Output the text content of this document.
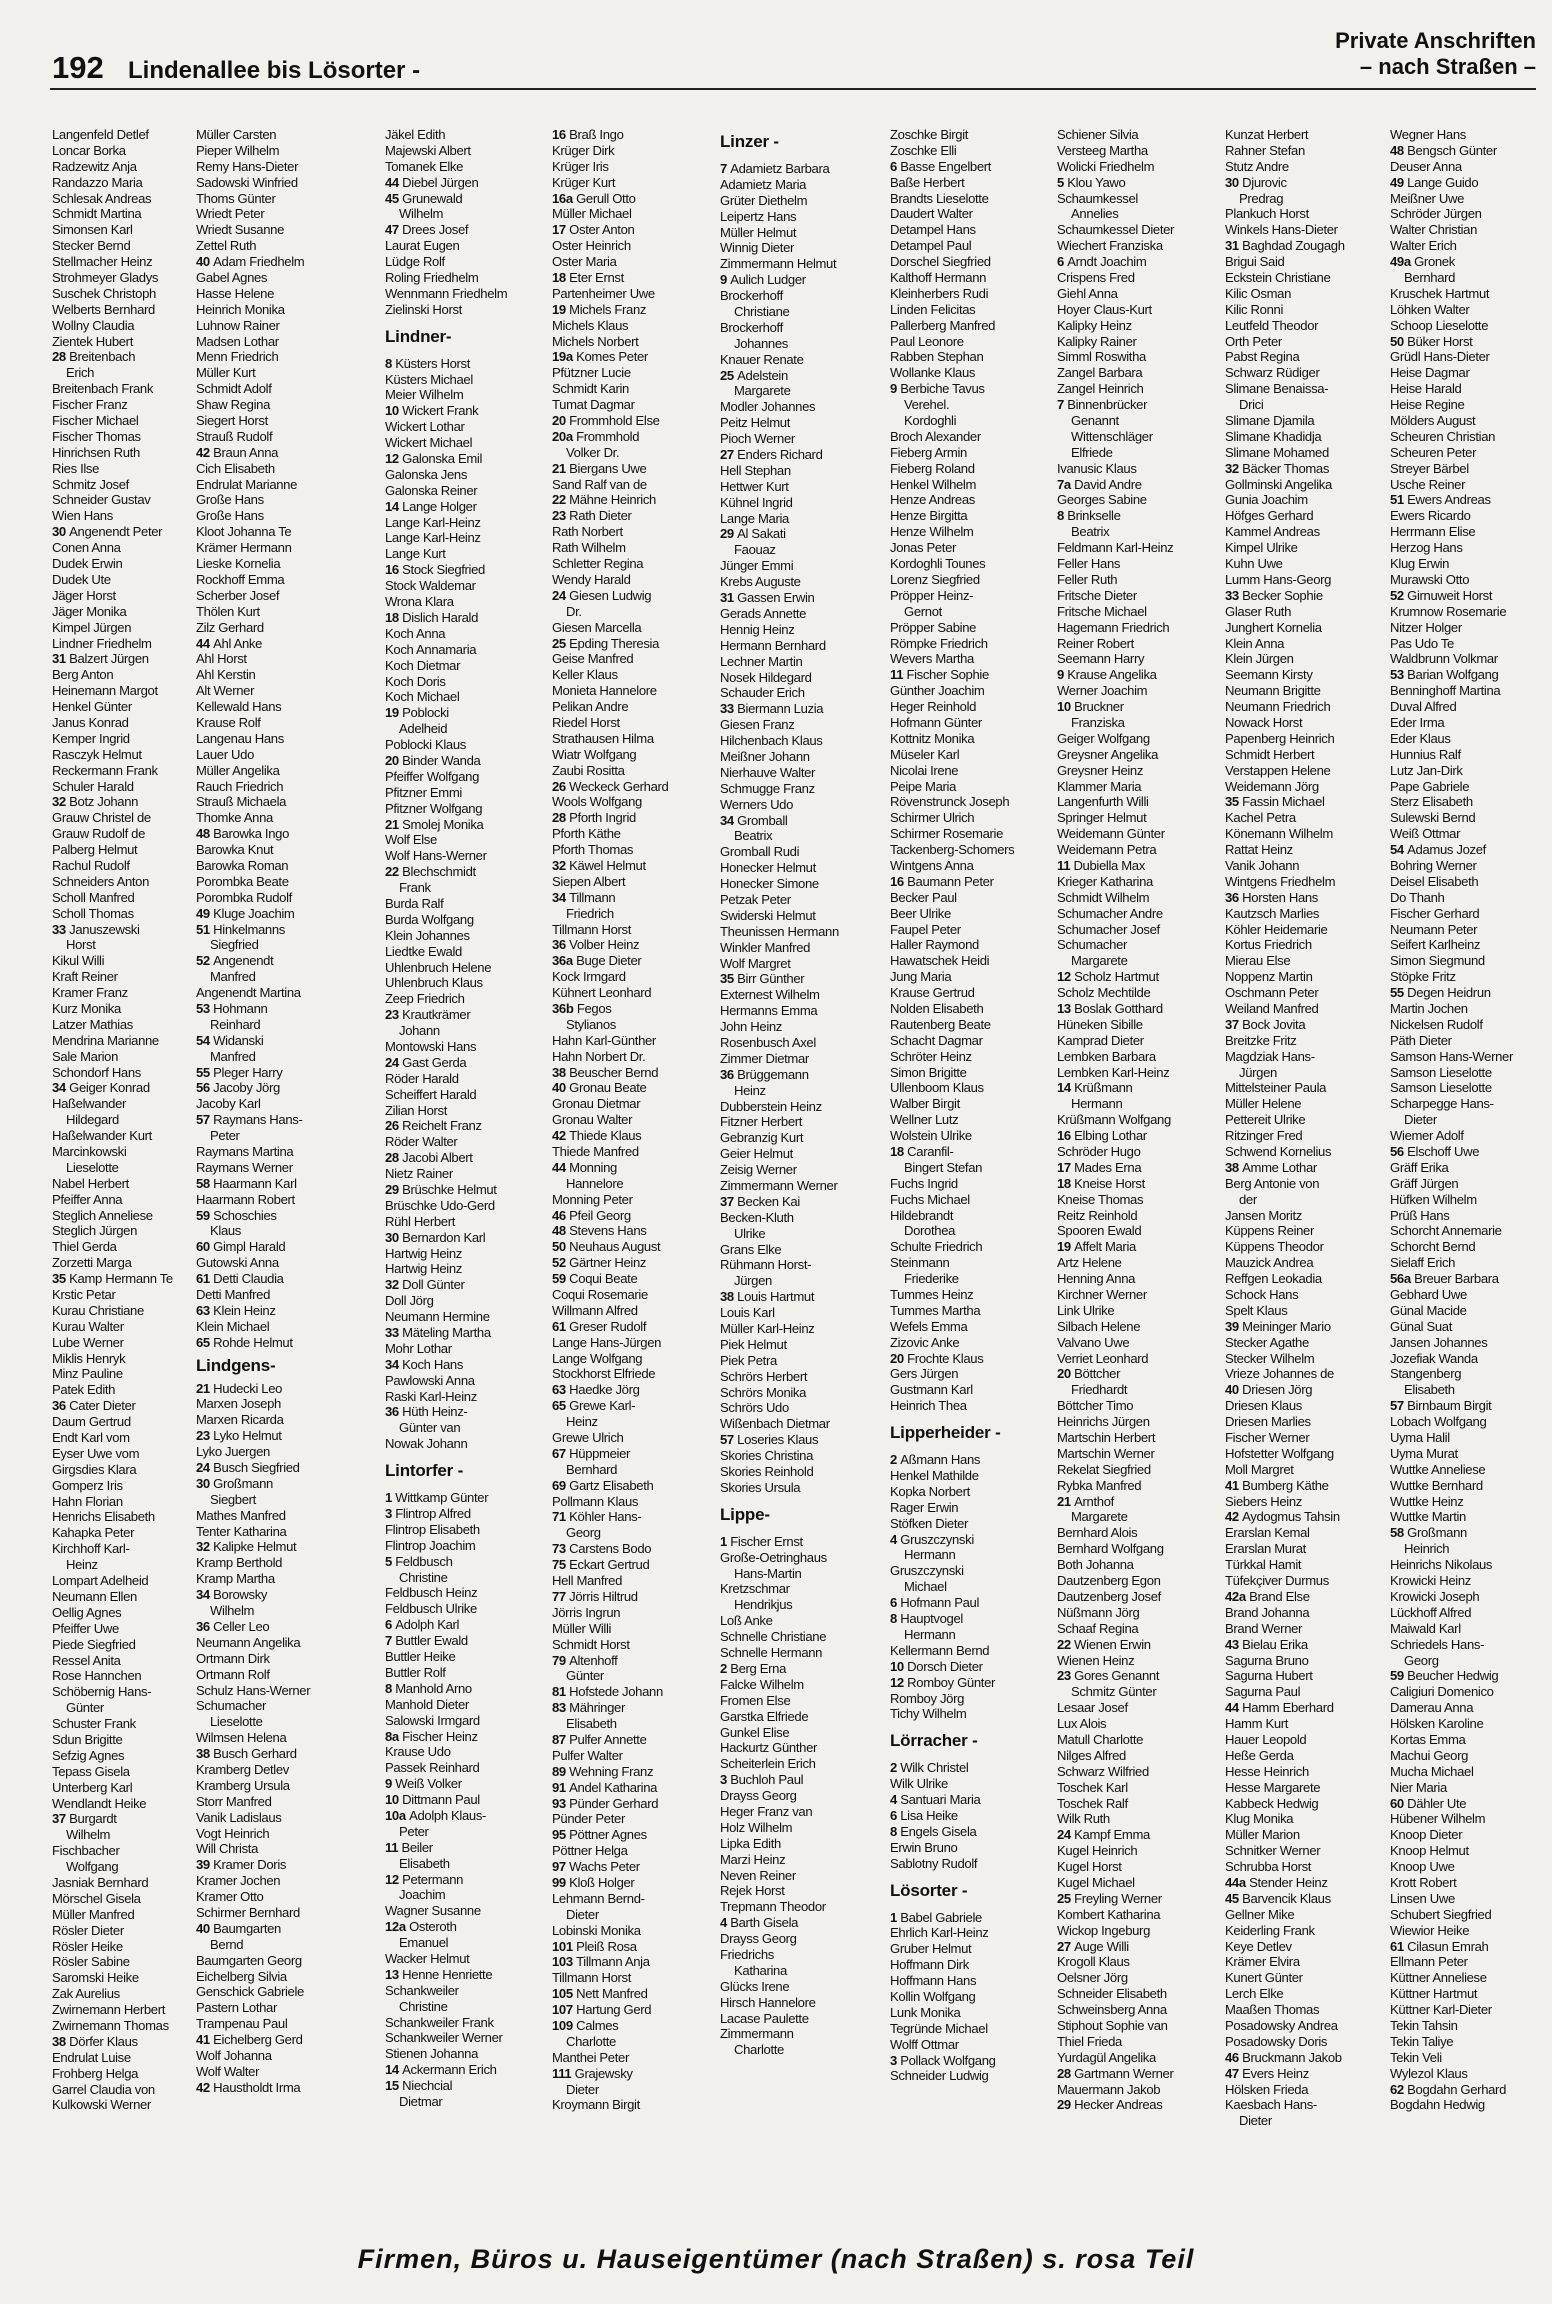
192 Lindenallee bis Lösorter -
Private Anschriften
– nach Straßen –
Langenfeld Detlef
Loncar Borka
Radzewitz Anja
Randazzo Maria
Schlesak Andreas
Schmidt Martina
Simonsen Karl
Stecker Bernd
Stellmacher Heinz
Strohmeyer Gladys
Suschek Christoph
Welberts Bernhard
Wollny Claudia
Zientek Hubert
28 Breitenbach
Erich
Breitenbach Frank
Fischer Franz
Fischer Michael
Fischer Thomas
Hinrichsen Ruth
Ries Ilse
Schmitz Josef
Schneider Gustav
Wien Hans
30 Angenendt Peter
Conen Anna
Dudek Erwin
Dudek Ute
Jäger Horst
Jäger Monika
Kimpel Jürgen
Lindner Friedhelm
31 Balzert Jürgen
Berg Anton
Heinemann Margot
Henkel Günter
Janus Konrad
Kemper Ingrid
Rasczyk Helmut
Reckermann Frank
Schuler Harald
32 Botz Johann
Grauw Christel de
Grauw Rudolf de
Palberg Helmut
Rachul Rudolf
Schneiders Anton
Scholl Manfred
Scholl Thomas
33 Januszewski
Horst
Kikul Willi
Kraft Reiner
Kramer Franz
Kurz Monika
Latzer Mathias
Mendrina Marianne
Sale Marion
Schondorf Hans
34 Geiger Konrad
Haßelwander
Hildegard
Haßelwander Kurt
Marcinkowski
Lieselotte
Nabel Herbert
Pfeiffer Anna
Steglich Anneliese
Steglich Jürgen
Thiel Gerda
Zorzetti Marga
35 Kamp Hermann Te
Krstic Petar
Kurau Christiane
Kurau Walter
Lube Werner
Miklis Henryk
Minz Pauline
Patek Edith
36 Cater Dieter
Daum Gertrud
Endt Karl vom
Eyser Uwe vom
Girgsdies Klara
Gomperz Iris
Hahn Florian
Henrichs Elisabeth
Kahapka Peter
Kirchhoff Karl-
Heinz
Lompart Adelheid
Neumann Ellen
Oellig Agnes
Pfeiffer Uwe
Piede Siegfried
Ressel Anita
Rose Hannchen
Schöbernig Hans-
Günter
Schuster Frank
Sdun Brigitte
Sefzig Agnes
Tepass Gisela
Unterberg Karl
Wendlandt Heike
37 Burgardt
Wilhelm
Fischbacher
Wolfgang
Jasniak Bernhard
Mörschel Gisela
Müller Manfred
Rösler Dieter
Rösler Heike
Rösler Sabine
Saromski Heike
Zak Aurelius
Zwirnemann Herbert
Zwirnemann Thomas
38 Dörfer Klaus
Endrulat Luise
Frohberg Helga
Garrel Claudia von
Kulkowski Werner
Müller Carsten
Pieper Wilhelm
Remy Hans-Dieter
Sadowski Winfried
Thoms Günter
Wriedt Peter
Wriedt Susanne
Zettel Ruth
40 Adam Friedhelm
Gabel Agnes
Hasse Helene
Heinrich Monika
Luhnow Rainer
Madsen Lothar
Menn Friedrich
Müller Kurt
Schmidt Adolf
Shaw Regina
Siegert Horst
Strauß Rudolf
42 Braun Anna
Cich Elisabeth
Endrulat Marianne
Große Hans
Große Hans
Kloot Johanna Te
Krämer Hermann
Lieske Kornelia
Rockhoff Emma
Scherber Josef
Thölen Kurt
Zilz Gerhard
44 Ahl Anke
Ahl Horst
Ahl Kerstin
Alt Werner
Kellewald Hans
Krause Rolf
Langenau Hans
Lauer Udo
Müller Angelika
Rauch Friedrich
Strauß Michaela
Thomke Anna
48 Barowka Ingo
Barowka Knut
Barowka Roman
Porombka Beate
Porombka Rudolf
49 Kluge Joachim
51 Hinkelmanns
Siegfried
52 Angenendt
Manfred
Angenendt Martina
53 Hohmann
Reinhard
54 Widanski
Manfred
55 Pleger Harry
56 Jacoby Jörg
Jacoby Karl
57 Raymans Hans-
Peter
Raymans Martina
Raymans Werner
58 Haarmann Karl
Haarmann Robert
59 Schoschies
Klaus
60 Gimpl Harald
Gutowski Anna
61 Detti Claudia
Detti Manfred
63 Klein Heinz
Klein Michael
65 Rohde Helmut
Lindgens-
21 Hudecki Leo
Marxen Joseph
Marxen Ricarda
23 Lyko Helmut
Lyko Juergen
24 Busch Siegfried
30 Großmann
Siegbert
Mathes Manfred
Tenter Katharina
32 Kalipke Helmut
Kramp Berthold
Kramp Martha
34 Borowsky
Wilhelm
36 Celler Leo
Neumann Angelika
Ortmann Dirk
Ortmann Rolf
Schulz Hans-Werner
Schumacher
Lieselotte
Wilmsen Helena
38 Busch Gerhard
Kramberg Detlev
Kramberg Ursula
Storr Manfred
Vanik Ladislaus
Vogt Heinrich
Will Christa
39 Kramer Doris
Kramer Jochen
Kramer Otto
Schirmer Bernhard
40 Baumgarten
Bernd
Baumgarten Georg
Eichelberg Silvia
Genschick Gabriele
Pastern Lothar
Trampenau Paul
41 Eichelberg Gerd
Wolf Johanna
Wolf Walter
42 Haustholdt Irma
Jäkel Edith
Majewski Albert
Tomanek Elke
44 Diebel Jürgen
45 Grunewald
Wilhelm
47 Drees Josef
Laurat Eugen
Lüdge Rolf
Roling Friedhelm
Wennmann Friedhelm
Zielinski Horst
Lindner-
8 Küsters Horst
Küsters Michael
Meier Wilhelm
10 Wickert Frank
Wickert Lothar
Wickert Michael
12 Galonska Emil
Galonska Jens
Galonska Reiner
14 Lange Holger
Lange Karl-Heinz
Lange Karl-Heinz
Lange Kurt
16 Stock Siegfried
Stock Waldemar
Wrona Klara
18 Dislich Harald
Koch Anna
Koch Annamaria
Koch Dietmar
Koch Doris
Koch Michael
19 Poblocki
Adelheid
Poblocki Klaus
20 Binder Wanda
Pfeiffer Wolfgang
Pfitzner Emmi
Pfitzner Wolfgang
21 Smolej Monika
Wolf Else
Wolf Hans-Werner
22 Blechschmidt
Frank
Burda Ralf
Burda Wolfgang
Klein Johannes
Liedtke Ewald
Uhlenbruch Helene
Uhlenbruch Klaus
Zeep Friedrich
23 Krautkrämer
Johann
Montowski Hans
24 Gast Gerda
Röder Harald
Scheiffert Harald
Zilian Horst
26 Reichelt Franz
Röder Walter
28 Jacobi Albert
Nietz Rainer
29 Brüschke Helmut
Brüschke Udo-Gerd
Rühl Herbert
30 Bernardon Karl
Hartwig Heinz
Hartwig Heinz
32 Doll Günter
Doll Jörg
Neumann Hermine
33 Mäteling Martha
Mohr Lothar
34 Koch Hans
Pawlowski Anna
Raski Karl-Heinz
36 Hüth Heinz-
Günter van
Nowak Johann
Lintorfer -
1 Wittkamp Günter
3 Flintrop Alfred
Flintrop Elisabeth
Flintrop Joachim
5 Feldbusch
Christine
Feldbusch Heinz
Feldbusch Ulrike
6 Adolph Karl
7 Buttler Ewald
Buttler Heike
Buttler Rolf
8 Manhold Arno
Manhold Dieter
Salowski Irmgard
8a Fischer Heinz
Krause Udo
Passek Reinhard
9 Weiß Volker
10 Dittmann Paul
10a Adolph Klaus-
Peter
11 Beiler
Elisabeth
12 Petermann
Joachim
Wagner Susanne
12a Osteroth
Emanuel
Wacker Helmut
13 Henne Henriette
Schankweiler
Christine
Schankweiler Frank
Schankweiler Werner
Stienen Johanna
14 Ackermann Erich
15 Niechcial
Dietmar
16 Braß Ingo
Krüger Dirk
Krüger Iris
Krüger Kurt
16a Gerull Otto
Müller Michael
17 Oster Anton
Oster Heinrich
Oster Maria
18 Eter Ernst
Partenheimer Uwe
19 Michels Franz
Michels Klaus
Michels Norbert
19a Komes Peter
Pfützner Lucie
Schmidt Karin
Tumat Dagmar
20 Frommhold Else
20a Frommhold
Volker Dr.
21 Biergans Uwe
Sand Ralf van de
22 Mähne Heinrich
23 Rath Dieter
Rath Norbert
Rath Wilhelm
Schletter Regina
Wendy Harald
24 Giesen Ludwig
Dr.
Giesen Marcella
25 Epding Theresia
Geise Manfred
Keller Klaus
Monieta Hannelore
Pelikan Andre
Riedel Horst
Strathausen Hilma
Wiatr Wolfgang
Zaubi Rositta
26 Weckeck Gerhard
Wools Wolfgang
28 Pforth Ingrid
Pforth Käthe
Pforth Thomas
32 Käwel Helmut
Siepen Albert
34 Tillmann
Friedrich
Tillmann Horst
36 Volber Heinz
36a Buge Dieter
Kock Irmgard
Kühnert Leonhard
36b Fegos
Stylianos
Hahn Karl-Günther
Hahn Norbert Dr.
38 Beuscher Bernd
40 Gronau Beate
Gronau Dietmar
Gronau Walter
42 Thiede Klaus
Thiede Manfred
44 Monning
Hannelore
Monning Peter
46 Pfeil Georg
48 Stevens Hans
50 Neuhaus August
52 Gärtner Heinz
59 Coqui Beate
Coqui Rosemarie
Willmann Alfred
61 Greser Rudolf
Lange Hans-Jürgen
Lange Wolfgang
Stockhorst Elfriede
63 Haedke Jörg
65 Grewe Karl-
Heinz
Grewe Ulrich
67 Hüppmeier
Bernhard
69 Gartz Elisabeth
Pollmann Klaus
71 Köhler Hans-
Georg
73 Carstens Bodo
75 Eckart Gertrud
Hell Manfred
77 Jörris Hiltrud
Jörris Ingrun
Müller Willi
Schmidt Horst
79 Altenhoff
Günter
81 Hofstede Johann
83 Mähringer
Elisabeth
87 Pulfer Annette
Pulfer Walter
89 Wehning Franz
91 Andel Katharina
93 Pünder Gerhard
Pünder Peter
95 Pöttner Agnes
Pöttner Helga
97 Wachs Peter
99 Kloß Holger
Lehmann Bernd-
Dieter
Lobinski Monika
101 Pleiß Rosa
103 Tillmann Anja
Tillmann Horst
105 Nett Manfred
107 Hartung Gerd
109 Calmes
Charlotte
Manthei Peter
111 Grajewsky
Dieter
Kroymann Birgit
Linzer -
7 Adamietz Barbara
Adamietz Maria
Grüter Diethelm
Leipertz Hans
Müller Helmut
Winnig Dieter
Zimmermann Helmut
9 Aulich Ludger
Brockerhoff
Christiane
Brockerhoff
Johannes
Knauer Renate
25 Adelstein
Margarete
Modler Johannes
Peitz Helmut
Pioch Werner
27 Enders Richard
Hell Stephan
Hettwer Kurt
Kühnel Ingrid
Lange Maria
29 Al Sakati
Faouaz
Jünger Emmi
Krebs Auguste
31 Gassen Erwin
Gerads Annette
Hennig Heinz
Hermann Bernhard
Lechner Martin
Nosek Hildegard
Schauder Erich
33 Biermann Luzia
Giesen Franz
Hilchenbach Klaus
Meißner Johann
Nierhauve Walter
Schmugge Franz
Werners Udo
34 Gromball
Beatrix
Gromball Rudi
Honecker Helmut
Honecker Simone
Petzak Peter
Swiderski Helmut
Theunissen Hermann
Winkler Manfred
Wolf Margret
35 Birr Günther
Externest Wilhelm
Hermanns Emma
John Heinz
Rosenbusch Axel
Zimmer Dietmar
36 Brüggemann
Heinz
Dubberstein Heinz
Fitzner Herbert
Gebranzig Kurt
Geier Helmut
Zeisig Werner
Zimmermann Werner
37 Becken Kai
Becken-Kluth
Ulrike
Grans Elke
Rühmann Horst-
Jürgen
38 Louis Hartmut
Louis Karl
Müller Karl-Heinz
Piek Helmut
Piek Petra
Schrörs Herbert
Schrörs Monika
Schrörs Udo
Wißenbach Dietmar
57 Loseries Klaus
Skories Christina
Skories Reinhold
Skories Ursula
Lippe-
1 Fischer Ernst
Große-Oetringhaus
Hans-Martin
Kretzschmar
Hendrikjus
Loß Anke
Schnelle Christiane
Schnelle Hermann
2 Berg Erna
Falcke Wilhelm
Fromen Else
Garstka Elfriede
Gunkel Elise
Hackurtz Günther
Scheiterlein Erich
3 Buchloh Paul
Drayss Georg
Heger Franz van
Holz Wilhelm
Lipka Edith
Marzi Heinz
Neven Reiner
Rejek Horst
Trepmann Theodor
4 Barth Gisela
Drayss Georg
Friedrichs
Katharina
Glücks Irene
Hirsch Hannelore
Lacase Paulette
Zimmermann
Charlotte
Zoschke Birgit
Zoschke Elli
6 Basse Engelbert
Baße Herbert
Brandts Lieselotte
Daudert Walter
Detampel Hans
Detampel Paul
Dorschel Siegfried
Kalthoff Hermann
Kleinherbers Rudi
Linden Felicitas
Pallerberg Manfred
Paul Leonore
Rabben Stephan
Wollanke Klaus
9 Berbiche Tavus
Verehel.
Kordoghli
Broch Alexander
Fieberg Armin
Fieberg Roland
Henkel Wilhelm
Henze Andreas
Henze Birgitta
Henze Wilhelm
Jonas Peter
Kordoghli Tounes
Lorenz Siegfried
Pröpper Heinz-
Gernot
Pröpper Sabine
Römpke Friedrich
Wevers Martha
11 Fischer Sophie
Günther Joachim
Heger Reinhold
Hofmann Günter
Kottnitz Monika
Müseler Karl
Nicolai Irene
Peipe Maria
Rövenstrunck Joseph
Schirmer Ulrich
Schirmer Rosemarie
Tackenberg-Schomers
Wintgens Anna
16 Baumann Peter
Becker Paul
Beer Ulrike
Faupel Peter
Haller Raymond
Hawatschek Heidi
Jung Maria
Krause Gertrud
Nolden Elisabeth
Rautenberg Beate
Schacht Dagmar
Schröter Heinz
Simon Brigitte
Ullenboom Klaus
Walber Birgit
Wellner Lutz
Wolstein Ulrike
18 Caranfil-
Bingert Stefan
Fuchs Ingrid
Fuchs Michael
Hildebrandt
Dorothea
Schulte Friedrich
Steinmann
Friederike
Tummes Heinz
Tummes Martha
Wefels Emma
Zizovic Anke
20 Frochte Klaus
Gers Jürgen
Gustmann Karl
Heinrich Thea
Lipperheider -
2 Aßmann Hans
Henkel Mathilde
Kopka Norbert
Rager Erwin
Stöfken Dieter
4 Gruszczynski
Hermann
Gruszczynski
Michael
6 Hofmann Paul
8 Hauptvogel
Hermann
Kellermann Bernd
10 Dorsch Dieter
12 Romboy Günter
Romboy Jörg
Tichy Wilhelm
Lörracher -
2 Wilk Christel
Wilk Ulrike
4 Santuari Maria
6 Lisa Heike
8 Engels Gisela
Erwin Bruno
Sablotny Rudolf
Lösorter -
1 Babel Gabriele
Ehrlich Karl-Heinz
Gruber Helmut
Hoffmann Dirk
Hoffmann Hans
Kollin Wolfgang
Lunk Monika
Tegründe Michael
Wolff Ottmar
3 Pollack Wolfgang
Schneider Ludwig
Schiener Silvia
Versteeg Martha
Wolicki Friedhelm
5 Klou Yawo
Schaumkessel
Annelies
Schaumkessel Dieter
Wiechert Franziska
6 Arndt Joachim
Crispens Fred
Giehl Anna
Hoyer Claus-Kurt
Kalipky Heinz
Kalipky Rainer
Simml Roswitha
Zangel Barbara
Zangel Heinrich
7 Binnenbrücker
Genannt
Wittenschläger
Elfriede
Ivanusic Klaus
7a David Andre
Georges Sabine
8 Brinkselle
Beatrix
Feldmann Karl-Heinz
Feller Hans
Feller Ruth
Fritsche Dieter
Fritsche Michael
Hagemann Friedrich
Reiner Robert
Seemann Harry
9 Krause Angelika
Werner Joachim
10 Bruckner
Franziska
Geiger Wolfgang
Greysner Angelika
Greysner Heinz
Klammer Maria
Langenfurth Willi
Springer Helmut
Weidemann Günter
Weidemann Petra
11 Dubiella Max
Krieger Katharina
Schmidt Wilhelm
Schumacher Andre
Schumacher Josef
Schumacher
Margarete
12 Scholz Hartmut
Scholz Mechtilde
13 Boslak Gotthard
Hüneken Sibille
Kamprad Dieter
Lembken Barbara
Lembken Karl-Heinz
14 Krüßmann
Hermann
Krüßmann Wolfgang
16 Elbing Lothar
Schröder Hugo
17 Mades Erna
18 Kneise Horst
Kneise Thomas
Reitz Reinhold
Spooren Ewald
19 Affelt Maria
Artz Helene
Henning Anna
Kirchner Werner
Link Ulrike
Silbach Helene
Valvano Uwe
Verriet Leonhard
20 Böttcher
Friedhardt
Böttcher Timo
Heinrichs Jürgen
Martschin Herbert
Martschin Werner
Rekelat Siegfried
Rybka Manfred
21 Arnthof
Margarete
Bernhard Alois
Bernhard Wolfgang
Both Johanna
Dautzenberg Egon
Dautzenberg Josef
Nüßmann Jörg
Schaaf Regina
22 Wienen Erwin
Wienen Heinz
23 Gores Genannt
Schmitz Günter
Lesaar Josef
Lux Alois
Matull Charlotte
Nilges Alfred
Schwarz Wilfried
Toschek Karl
Toschek Ralf
Wilk Ruth
24 Kampf Emma
Kugel Heinrich
Kugel Horst
Kugel Michael
25 Freyling Werner
Kombert Katharina
Wickop Ingeburg
27 Auge Willi
Krogoll Klaus
Oelsner Jörg
Schneider Elisabeth
Schweinsberg Anna
Stiphout Sophie van
Thiel Frieda
Yurdagül Angelika
28 Gartmann Werner
Mauermann Jakob
29 Hecker Andreas
Kunzat Herbert
Rahner Stefan
Stutz Andre
30 Djurovic
Predrag
Plankuch Horst
Winkels Hans-Dieter
31 Baghdad Zougagh
Brigui Said
Eckstein Christiane
Kilic Osman
Kilic Ronni
Leutfeld Theodor
Orth Peter
Pabst Regina
Schwarz Rüdiger
Slimane Benaissa-
Drici
Slimane Djamila
Slimane Khadidja
Slimane Mohamed
32 Bäcker Thomas
Gollminski Angelika
Gunia Joachim
Höfges Gerhard
Kammel Andreas
Kimpel Ulrike
Kuhn Uwe
Lumm Hans-Georg
33 Becker Sophie
Glaser Ruth
Junghert Kornelia
Klein Anna
Klein Jürgen
Seemann Kirsty
Neumann Brigitte
Neumann Friedrich
Nowack Horst
Papenberg Heinrich
Schmidt Herbert
Verstappen Helene
Weidemann Jörg
35 Fassin Michael
Kachel Petra
Könemann Wilhelm
Rattat Heinz
Vanik Johann
Wintgens Friedhelm
36 Horsten Hans
Kautzsch Marlies
Köhler Heidemarie
Kortus Friedrich
Mierau Else
Noppenz Martin
Oschmann Peter
Weiland Manfred
37 Bock Jovita
Breitzke Fritz
Magdziak Hans-
Jürgen
Mittelsteiner Paula
Müller Helene
Pettereit Ulrike
Ritzinger Fred
Schwend Kornelius
38 Amme Lothar
Berg Antonie von
der
Jansen Moritz
Küppens Reiner
Küppens Theodor
Mauzick Andrea
Reffgen Leokadia
Schock Hans
Spelt Klaus
39 Meininger Mario
Stecker Agathe
Stecker Wilhelm
Vrieze Johannes de
40 Driesen Jörg
Driesen Klaus
Driesen Marlies
Fischer Werner
Hofstetter Wolfgang
Moll Margret
41 Bumberg Käthe
Siebers Heinz
42 Aydogmus Tahsin
Erarslan Kemal
Erarslan Murat
Türkkal Hamit
Tüfekçiver Durmus
42a Brand Else
Brand Johanna
Brand Werner
43 Bielau Erika
Sagurna Bruno
Sagurna Hubert
Sagurna Paul
44 Hamm Eberhard
Hamm Kurt
Hauer Leopold
Heße Gerda
Hesse Heinrich
Hesse Margarete
Kabbeck Hedwig
Klug Monika
Müller Marion
Schnitker Werner
Schrubba Horst
44a Stender Heinz
45 Barvencik Klaus
Gellner Mike
Keiderling Frank
Keye Detlev
Krämer Elvira
Kunert Günter
Lerch Elke
Maaßen Thomas
Posadowsky Andrea
Posadowsky Doris
46 Bruckmann Jakob
47 Evers Heinz
Hölsken Frieda
Kaesbach Hans-
Dieter
Wegner Hans
48 Bengsch Günter
Deuser Anna
49 Lange Guido
Meißner Uwe
Schröder Jürgen
Walter Christian
Walter Erich
49a Gronek
Bernhard
Kruschek Hartmut
Löhken Walter
Schoop Lieselotte
50 Büker Horst
Grüdl Hans-Dieter
Heise Dagmar
Heise Harald
Heise Regine
Mölders August
Scheuren Christian
Scheuren Peter
Streyer Bärbel
Usche Reiner
51 Ewers Andreas
Ewers Ricardo
Herrmann Elise
Herzog Hans
Klug Erwin
Murawski Otto
52 Girnuweit Horst
Krumnow Rosemarie
Nitzer Holger
Pas Udo Te
Waldbrunn Volkmar
53 Barian Wolfgang
Benninghoff Martina
Duval Alfred
Eder Irma
Eder Klaus
Hunnius Ralf
Lutz Jan-Dirk
Pape Gabriele
Sterz Elisabeth
Sulewski Bernd
Weiß Ottmar
54 Adamus Jozef
Bohring Werner
Deisel Elisabeth
Do Thanh
Fischer Gerhard
Neumann Peter
Seifert Karlheinz
Simon Siegmund
Stöpke Fritz
55 Degen Heidrun
Martin Jochen
Nickelsen Rudolf
Päth Dieter
Samson Hans-Werner
Samson Lieselotte
Samson Lieselotte
Scharpegge Hans-
Dieter
Wiemer Adolf
56 Elschoff Uwe
Gräff Erika
Gräff Jürgen
Hüfken Wilhelm
Prüß Hans
Schorcht Annemarie
Schorcht Bernd
Sielaff Erich
56a Breuer Barbara
Gebhard Uwe
Günal Macide
Günal Suat
Jansen Johannes
Jozefiak Wanda
Stangenberg
Elisabeth
57 Birnbaum Birgit
Lobach Wolfgang
Uyma Halil
Uyma Murat
Wuttke Anneliese
Wuttke Bernhard
Wuttke Heinz
Wuttke Martin
58 Großmann
Heinrich
Heinrichs Nikolaus
Krowicki Heinz
Krowicki Joseph
Lückhoff Alfred
Maiwald Karl
Schriedels Hans-
Georg
59 Beucher Hedwig
Caligiuri Domenico
Damerau Anna
Hölsken Karoline
Kortas Emma
Machui Georg
Mucha Michael
Nier Maria
60 Dähler Ute
Hübener Wilhelm
Knoop Dieter
Knoop Helmut
Knoop Uwe
Krott Robert
Linsen Uwe
Schubert Siegfried
Wiewior Heike
61 Cilasun Emrah
Ellmann Peter
Küttner Anneliese
Küttner Hartmut
Küttner Karl-Dieter
Tekin Tahsin
Tekin Taliye
Tekin Veli
Wylezol Klaus
62 Bogdahn Gerhard
Bogdahn Hedwig
Firmen, Büros u. Hauseigentümer (nach Straßen) s. rosa Teil
